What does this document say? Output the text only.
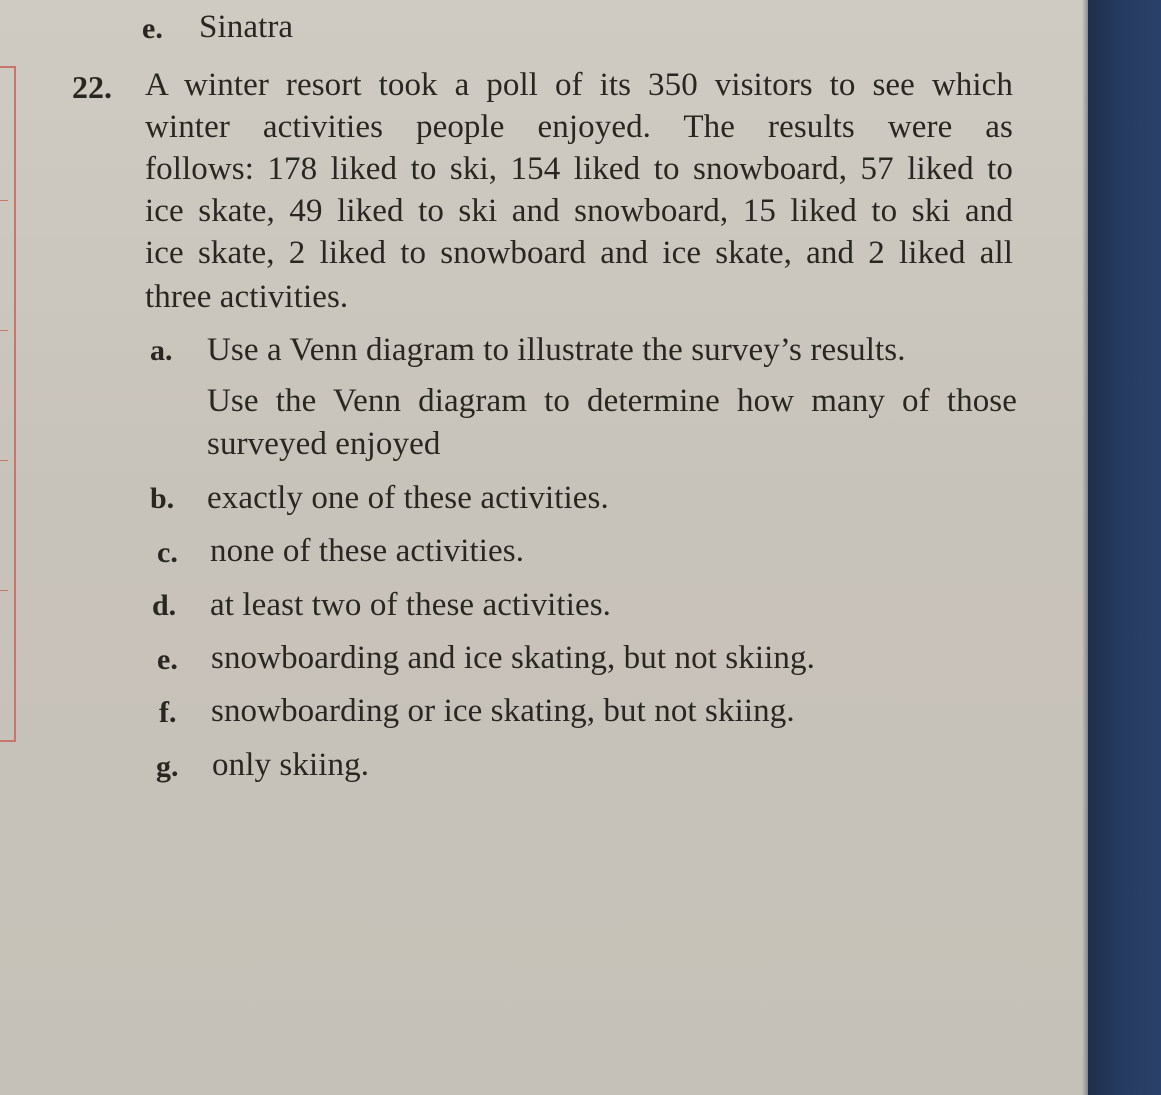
e. Sinatra
22. A winter resort took a poll of its 350 visitors to see which
winter activities people enjoyed. The results were as
follows: 178 liked to ski, 154 liked to snowboard, 57 liked to
ice skate, 49 liked to ski and snowboard, 15 liked to ski and
ice skate, 2 liked to snowboard and ice skate, and 2 liked all
three activities.
a. Use a Venn diagram to illustrate the survey’s results.
Use the Venn diagram to determine how many of those
surveyed enjoyed
b. exactly one of these activities.
c. none of these activities.
d. at least two of these activities.
e. snowboarding and ice skating, but not skiing.
f. snowboarding or ice skating, but not skiing.
g. only skiing.
